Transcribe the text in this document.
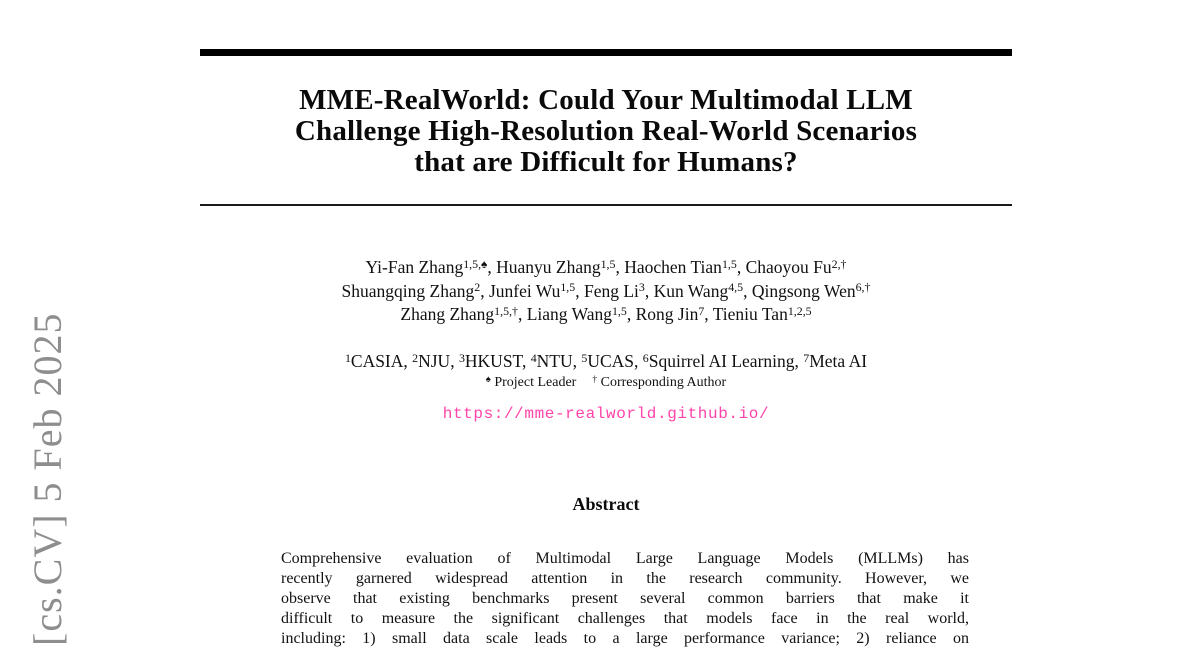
[cs.CV] 5 Feb 2025
MME-RealWorld: Could Your Multimodal LLM
Challenge High-Resolution Real-World Scenarios
that are Difficult for Humans?
Yi-Fan Zhang$^{1,5,♠}$, Huanyu Zhang$^{1,5}$, Haochen Tian$^{1,5}$, Chaoyou $Fu^{2,\dagger}$
Shuangqing Zhang$^2$, Junfei Wu$^{1,5}$, Feng Li$^3$, Kun Wang$^{4,5}$, Qingsong Wen$^{6,\dagger}$
Zhang Zhang$^{1,5,\dagger}$, Liang Wang$^{1,5}$, Rong Jin$^7$, Tieniu Tan$^{1,2,5}$
$^1$CASIA, $^2$NJU, $^3$HKUST, $^4$NTU, $^5$UCAS, $^6$Squirrel AI Learning, $^7$Meta AI
♠ Project Leader † Corresponding Author
https://mme-realworld.github.io/
Abstract
Comprehensive evaluation of Multimodal Large Language Models (MLLMs) has
recently garnered widespread attention in the research community. However, we
observe that existing benchmarks present several common barriers that make it
difficult to measure the significant challenges that models face in the real world,
including: 1) small data scale leads to a large performance variance; 2) reliance on
